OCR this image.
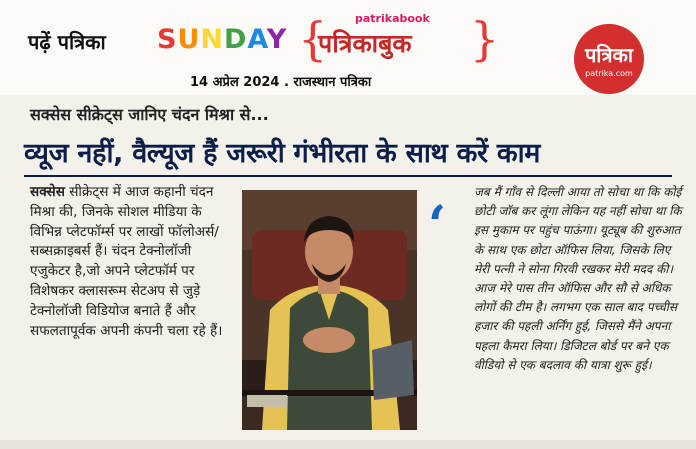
पढ़ें पत्रिका SUNDAY {	patrikabook
पत्रिकाबुक }
14 अप्रेल 2024 . राजस्थान पत्रिका
पत्रिका
patrika.com
सक्सेस सीक्रेट्स जानिए चंदन मिश्रा से...
व्यूज नहीं, वैल्यूज हैं जरूरी गंभीरता के साथ करें काम
सक्सेस सीक्रेट्स में आज कहानी चंदन मिश्रा की, जिनके सोशल मीडिया के विभिन्न प्लेटफॉर्म्स पर लाखों फॉलोअर्स/ सब्सक्राइबर्स हैं। चंदन टेक्नोलॉजी एजुकेटर है,जो अपने प्लेटफॉर्म पर विशेषकर क्लासरूम सेटअप से जुड़े टेक्नोलॉजी विडियोज बनाते हैं और सफलतापूर्वक अपनी कंपनी चला रहे हैं।
‘
जब मैं गाँव से दिल्ली आया तो सोचा था कि कोई छोटी जॉब कर लूंगा लेकिन यह नहीं सोचा था कि इस मुकाम पर पहुंच पाऊंगा। यूट्यूब की शुरुआत के साथ एक छोटा ऑफिस लिया, जिसके लिए मेरी पत्नी ने सोना गिरवी रखकर मेरी मदद की। आज मेरे पास तीन ऑफिस और सौ से अधिक लोगों की टीम है। लगभग एक साल बाद पच्चीस हजार की पहली अर्निंग हुई, जिससे मैंने अपना पहला कैमरा लिया। डिजिटल बोर्ड पर बने एक वीडियो से एक बदलाव की यात्रा शुरू हुई।
